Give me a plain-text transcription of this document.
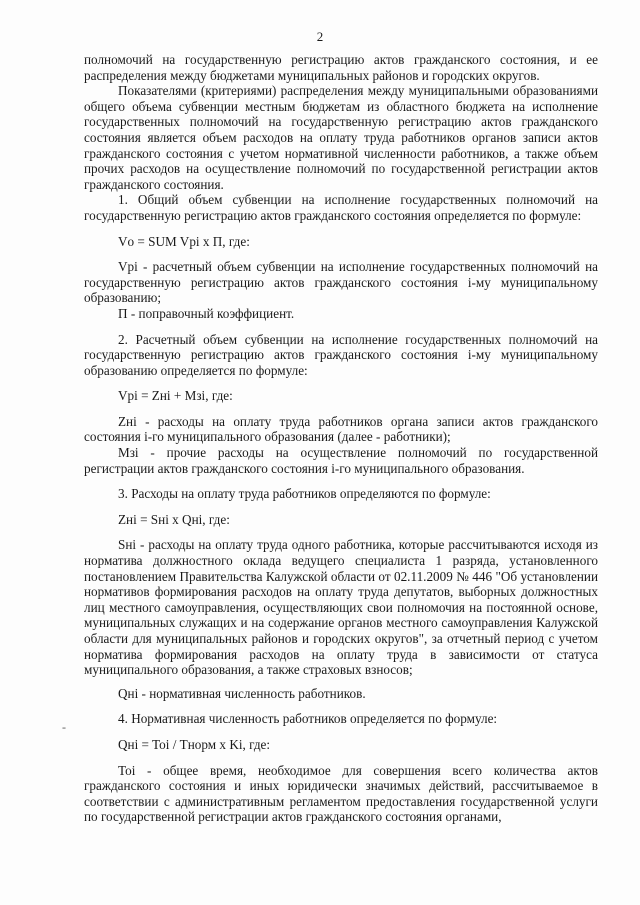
2

полномочий на государственную регистрацию актов гражданского состояния, и ее распределения между бюджетами муниципальных районов и городских округов.

Показателями (критериями) распределения между муниципальными образованиями общего объема субвенции местным бюджетам из областного бюджета на исполнение государственных полномочий на государственную регистрацию актов гражданского состояния является объем расходов на оплату труда работников органов записи актов гражданского состояния с учетом нормативной численности работников, а также объем прочих расходов на осуществление полномочий по государственной регистрации актов гражданского состояния.

1. Общий объем субвенции на исполнение государственных полномочий на государственную регистрацию актов гражданского состояния определяется по формуле:

Vо = SUM Vpi x П, где:

Vpi - расчетный объем субвенции на исполнение государственных полномочий на государственную регистрацию актов гражданского состояния i-му муниципальному образованию;

П - поправочный коэффициент.

2. Расчетный объем субвенции на исполнение государственных полномочий на государственную регистрацию актов гражданского состояния i-му муниципальному образованию определяется по формуле:

Vpi = Zнi + Мзi, где:

Zнi - расходы на оплату труда работников органа записи актов гражданского состояния i-го муниципального образования (далее - работники);

Мзi - прочие расходы на осуществление полномочий по государственной регистрации актов гражданского состояния i-го муниципального образования.

3. Расходы на оплату труда работников определяются по формуле:

Zнi = Sнi x Qнi, где:

Sнi - расходы на оплату труда одного работника, которые рассчитываются исходя из норматива должностного оклада ведущего специалиста 1 разряда, установленного постановлением Правительства Калужской области от 02.11.2009 № 446 "Об установлении нормативов формирования расходов на оплату труда депутатов, выборных должностных лиц местного самоуправления, осуществляющих свои полномочия на постоянной основе, муниципальных служащих и на содержание органов местного самоуправления Калужской области для муниципальных районов и городских округов", за отчетный период с учетом норматива формирования расходов на оплату труда в зависимости от статуса муниципального образования, а также страховых взносов;

Qнi - нормативная численность работников.

4. Нормативная численность работников определяется по формуле:

Qнi = Toi / Тнорм x Ki, где:

Toi - общее время, необходимое для совершения всего количества актов гражданского состояния и иных юридически значимых действий, рассчитываемое в соответствии с административным регламентом предоставления государственной услуги по государственной регистрации актов гражданского состояния органами,

-
